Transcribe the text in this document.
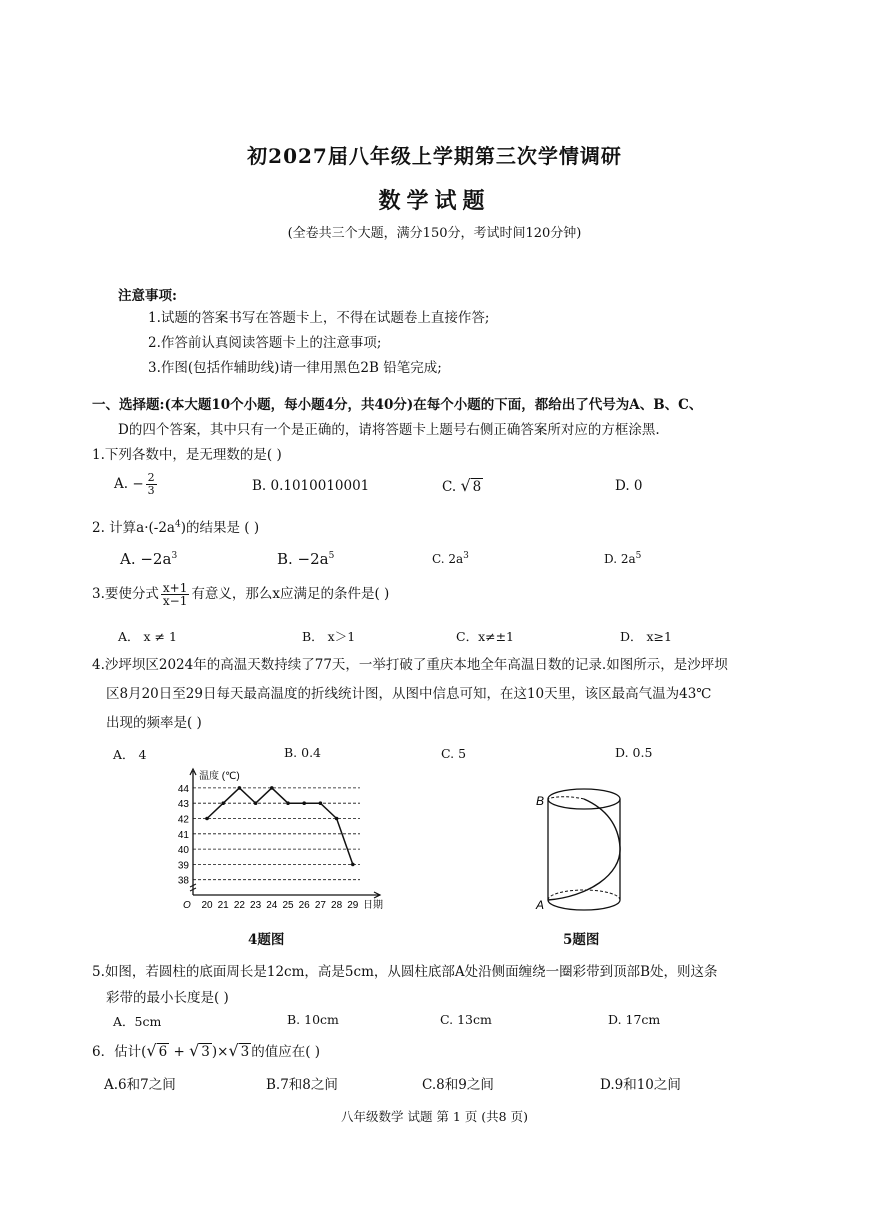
初2027届八年级上学期第三次学情调研
数学试题
(全卷共三个大题，满分150分，考试时间120分钟)
注意事项:
1.试题的答案书写在答题卡上，不得在试题卷上直接作答;
2.作答前认真阅读答题卡上的注意事项;
3.作图(包括作辅助线)请一律用黑色2B 铅笔完成;
一、选择题:(本大题10个小题，每小题4分，共40分)在每个小题的下面，都给出了代号为A、B、C、
D的四个答案，其中只有一个是正确的，请将答题卡上题号右侧正确答案所对应的方框涂黑.
1.下列各数中，是无理数的是( )
A. − $\frac{2}{3}$	B. 0.1010010001	C. √ 8	D. 0
2. 计算$a\cdot(-2a^4)$的结果是 ( )
A. $-2a^3$	B. $-2a^5$	C. $2a^3$	D. $2a^5$
3.要使分式 $\frac{x+1}{x-1}$ 有意义，那么x应满足的条件是( )
A． x ≠ 1	B． x＞1	C．x≠±1	D． x≥1
4.沙坪坝区2024年的高温天数持续了77天，一举打破了重庆本地全年高温日数的记录.如图所示，是沙坪坝
区8月20日至29日每天最高温度的折线统计图，从图中信息可知，在这10天里，该区最高气温为43℃
出现的频率是( )
A． 4	B. 0.4	C. 5	D. 0.5
38
39
40
41
42
43
44
20 21 22 23 24 25 26 27 28 29
O
温度 (℃)
日期
4题图
B
A
5题图
5.如图，若圆柱的底面周长是12cm，高是5cm，从圆柱底部A处沿侧面缠绕一圈彩带到顶部B处，则这条
彩带的最小长度是( )
A．5cm	B. 10cm	C. 13cm	D. 17cm
6．估计(√ 6 + √ 3 )×√ 3 的值应在( )
A.6和7之间	B.7和8之间	C.8和9之间	D.9和10之间
八年级数学 试题 第 1 页 (共8 页)
